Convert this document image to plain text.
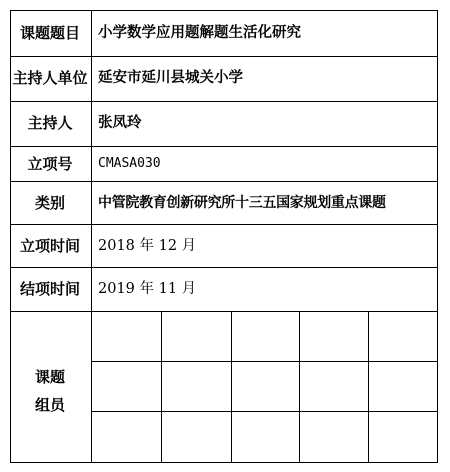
课题题目	小学数学应用题解题生活化研究
主持人单位 延安市延川县城关小学
主持人	张凤玲
立项号	CMASA030
类别	中管院教育创新研究所十三五国家规划重点课题
立项时间	2018 年 12 月
结项时间	2019 年 11 月
课题
组员
